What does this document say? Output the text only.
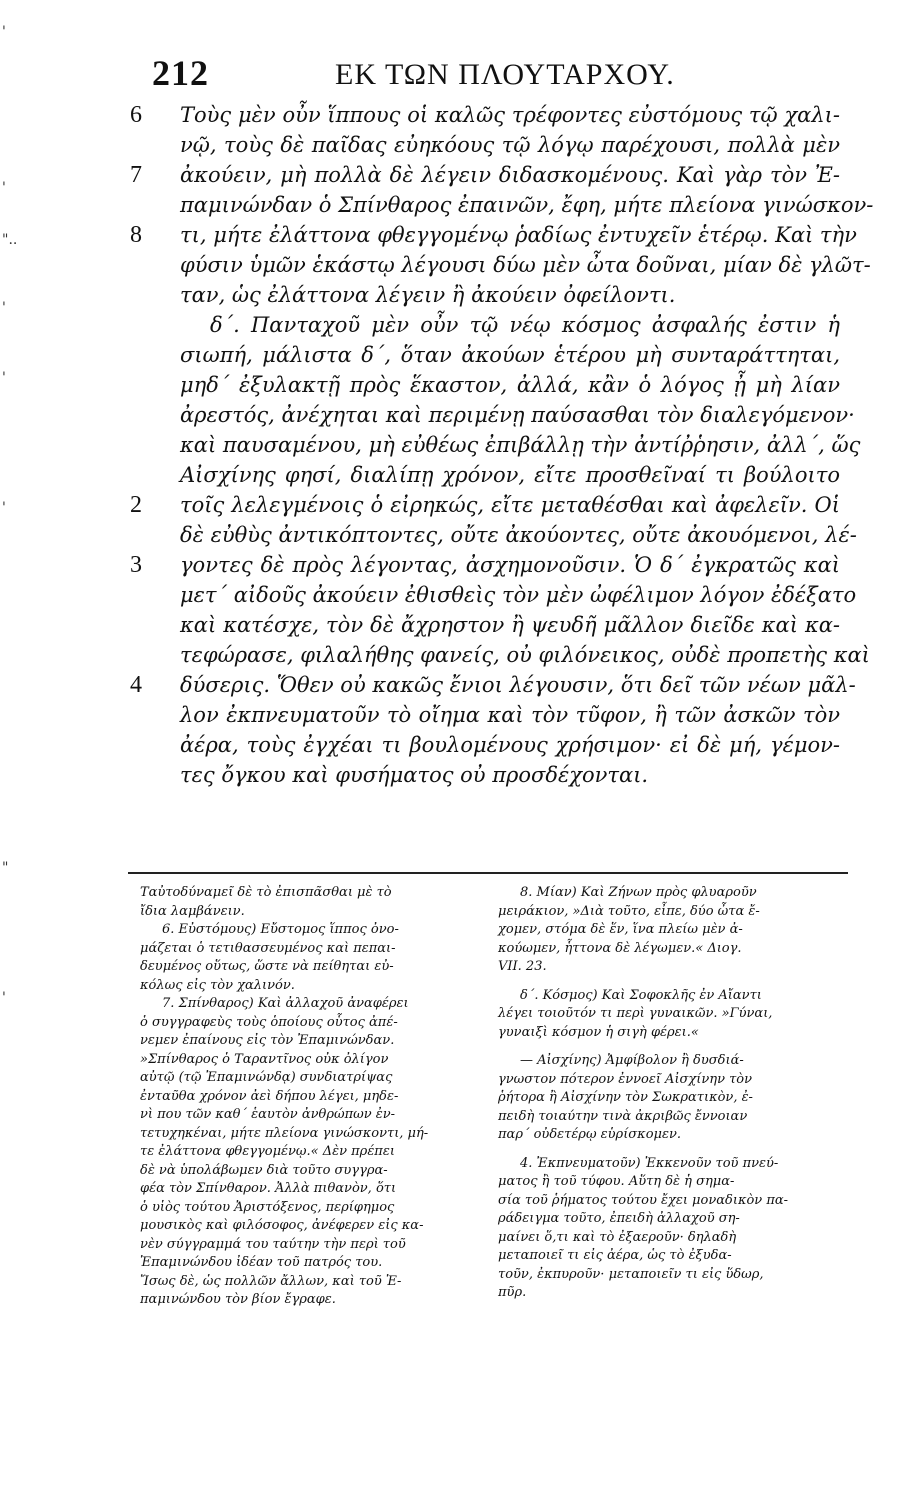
'
'
"..
'
'
'
"
'
212	ΕΚ ΤΩΝ ΠΛΟΥΤΑΡΧΟΥ.
6 Τοὺς μὲν οὖν ἵππους οἱ καλῶς τρέφοντες εὐστόμους τῷ χαλι-
νῷ, τοὺς δὲ παῖδας εὐηκόους τῷ λόγῳ παρέχουσι, πολλὰ μὲν
7 ἀκούειν, μὴ πολλὰ δὲ λέγειν διδασκομένους. Καὶ γὰρ τὸν Ἐ-
παμινώνδαν ὁ Σπίνθαρος ἐπαινῶν, ἔφη, μήτε πλείονα γινώσκον-
8 τι, μήτε ἐλάττονα φθεγγομένῳ ῥαδίως ἐντυχεῖν ἑτέρῳ. Καὶ τὴν
φύσιν ὑμῶν ἑκάστῳ λέγουσι δύω μὲν ὦτα δοῦναι, μίαν δὲ γλῶτ-
ταν, ὡς ἐλάττονα λέγειν ἢ ἀκούειν ὀφείλοντι.
δ΄. Πανταχοῦ μὲν οὖν τῷ νέῳ κόσμος ἀσφαλής ἐστιν ἡ
σιωπή, μάλιστα δ΄, ὅταν ἀκούων ἑτέρου μὴ συνταράττηται,
μηδ΄ ἐξυλακτῇ πρὸς ἕκαστον, ἀλλά, κἂν ὁ λόγος ᾖ μὴ λίαν
ἀρεστός, ἀνέχηται καὶ περιμένῃ παύσασθαι τὸν διαλεγόμενον·
καὶ παυσαμένου, μὴ εὐθέως ἐπιβάλλῃ τὴν ἀντίῤῥησιν, ἀλλ΄, ὥς
Αἰσχίνης φησί, διαλίπῃ χρόνον, εἴτε προσθεῖναί τι βούλοιτο
2 τοῖς λελεγμένοις ὁ εἰρηκώς, εἴτε μεταθέσθαι καὶ ἀφελεῖν. Οἱ
δὲ εὐθὺς ἀντικόπτοντες, οὔτε ἀκούοντες, οὔτε ἀκουόμενοι, λέ-
3 γοντες δὲ πρὸς λέγοντας, ἀσχημονοῦσιν. Ὁ δ΄ ἐγκρατῶς καὶ
μετ΄ αἰδοῦς ἀκούειν ἐθισθεὶς τὸν μὲν ὠφέλιμον λόγον ἐδέξατο
καὶ κατέσχε, τὸν δὲ ἄχρηστον ἢ ψευδῆ μᾶλλον διεῖδε καὶ κα-
τεφώρασε, φιλαλήθης φανείς, οὐ φιλόνεικος, οὐδὲ προπετὴς καὶ
4 δύσερις. Ὅθεν οὐ κακῶς ἔνιοι λέγουσιν, ὅτι δεῖ τῶν νέων μᾶλ-
λον ἐκπνευματοῦν τὸ οἴημα καὶ τὸν τῦφον, ἢ τῶν ἀσκῶν τὸν
ἀέρα, τοὺς ἐγχέαι τι βουλομένους χρήσιμον· εἰ δὲ μή, γέμον-
τες ὄγκου καὶ φυσήματος οὐ προσδέχονται.
Ταὐτοδύναμεῖ δὲ τὸ ἐπισπᾶσθαι μὲ τὸ
ἴδια λαμβάνειν.
6. Εὐστόμους) Εὔστομος ἵππος ὀνο-
μάζεται ὁ τετιθασσευμένος καὶ πεπαι-
δευμένος οὕτως, ὥστε νὰ πείθηται εὐ-
κόλως εἰς τὸν χαλινόν.
7. Σπίνθαρος) Καὶ ἀλλαχοῦ ἀναφέρει
ὁ συγγραφεὺς τοὺς ὁποίους οὗτος ἀπέ-
νεμεν ἐπαίνους εἰς τὸν Ἐπαμινώνδαν.
»Σπίνθαρος ὁ Ταραντῖνος οὐκ ὀλίγον
αὐτῷ (τῷ Ἐπαμινώνδᾳ) συνδιατρίψας
ἐνταῦθα χρόνον ἀεὶ δήπου λέγει, μηδε-
νὶ που τῶν καθ΄ ἑαυτὸν ἀνθρώπων ἐν-
τετυχηκέναι, μήτε πλείονα γινώσκοντι, μή-
τε ἐλάττονα φθεγγομένῳ.« Δὲν πρέπει
δὲ νὰ ὑπολάβωμεν διὰ τοῦτο συγγρα-
φέα τὸν Σπίνθαρον. Ἀλλὰ πιθανὸν, ὅτι
ὁ υἱὸς τούτου Ἀριστόξενος, περίφημος
μουσικὸς καὶ φιλόσοφος, ἀνέφερεν εἰς κα-
νὲν σύγγραμμά του ταύτην τὴν περὶ τοῦ
Ἐπαμινώνδου ἰδέαν τοῦ πατρός του.
Ἴσως δὲ, ὡς πολλῶν ἄλλων, καὶ τοῦ Ἐ-
παμινώνδου τὸν βίον ἔγραφε.
8. Μίαν) Καὶ Ζήνων πρὸς φλυαροῦν
μειράκιον, »Διὰ τοῦτο, εἶπε, δύο ὦτα ἔ-
χομεν, στόμα δὲ ἕν, ἵνα πλείω μὲν ἀ-
κούωμεν, ἧττονα δὲ λέγωμεν.« Διογ.
VII. 23.
δ΄. Κόσμος) Καὶ Σοφοκλῆς ἐν Αἴαντι
λέγει τοιοῦτόν τι περὶ γυναικῶν. »Γύναι,
γυναιξὶ κόσμον ἡ σιγὴ φέρει.«
— Αἰσχίνης) Ἀμφίβολον ἢ δυσδιά-
γνωστον πότερον ἐννοεῖ Αἰσχίνην τὸν
ῥήτορα ἢ Αἰσχίνην τὸν Σωκρατικὸν, ἐ-
πειδὴ τοιαύτην τινὰ ἀκριβῶς ἔννοιαν
παρ΄ οὐδετέρῳ εὑρίσκομεν.
4. Ἐκπνευματοῦν) Ἐκκενοῦν τοῦ πνεύ-
ματος ἢ τοῦ τύφου. Αὕτη δὲ ἡ σημα-
σία τοῦ ῥήματος τούτου ἔχει μοναδικὸν πα-
ράδειγμα τοῦτο, ἐπειδὴ ἀλλαχοῦ ση-
μαίνει ὅ,τι καὶ τὸ ἐξαεροῦν· δηλαδὴ
μεταποιεῖ τι εἰς ἀέρα, ὡς τὸ ἐξυδα-
τοῦν, ἐκπυροῦν· μεταποιεῖν τι εἰς ὕδωρ,
πῦρ.
